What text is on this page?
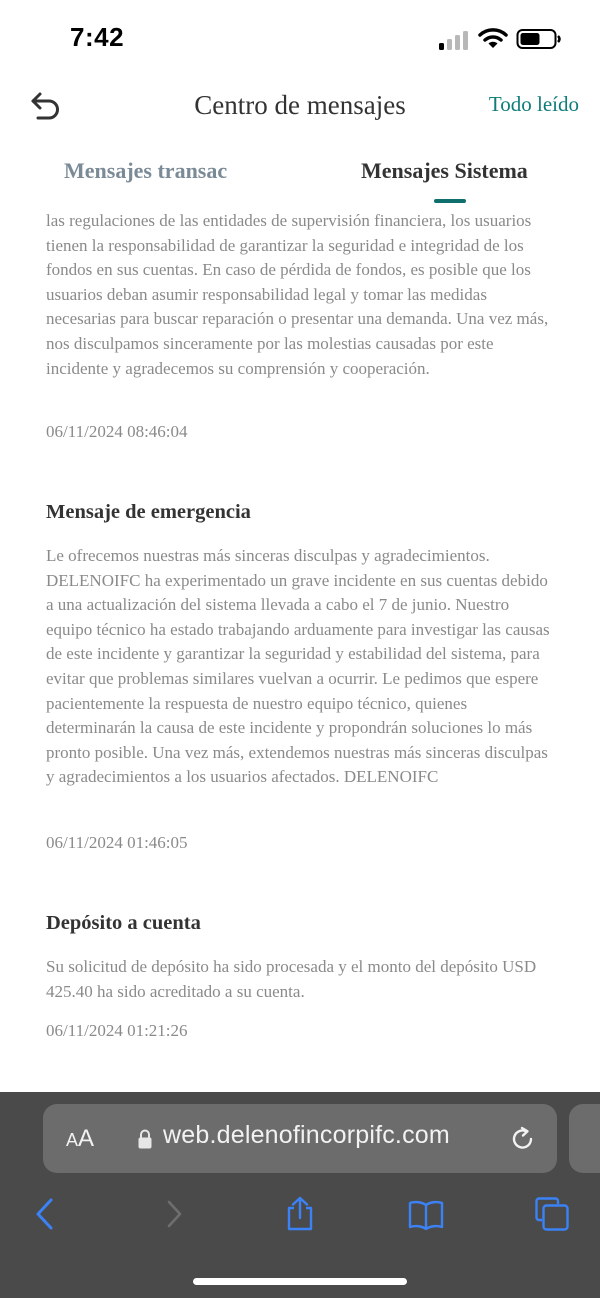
7:42
Centro de mensajes	Todo leído
Mensajes transac	Mensajes Sistema
las regulaciones de las entidades de supervisión financiera, los usuarios tienen la responsabilidad de garantizar la seguridad e integridad de los fondos en sus cuentas. En caso de pérdida de fondos, es posible que los usuarios deban asumir responsabilidad legal y tomar las medidas necesarias para buscar reparación o presentar una demanda. Una vez más, nos disculpamos sinceramente por las molestias causadas por este incidente y agradecemos su comprensión y cooperación.
06/11/2024 08:46:04
Mensaje de emergencia
Le ofrecemos nuestras más sinceras disculpas y agradecimientos. DELENOIFC ha experimentado un grave incidente en sus cuentas debido a una actualización del sistema llevada a cabo el 7 de junio. Nuestro equipo técnico ha estado trabajando arduamente para investigar las causas de este incidente y garantizar la seguridad y estabilidad del sistema, para evitar que problemas similares vuelvan a ocurrir. Le pedimos que espere pacientemente la respuesta de nuestro equipo técnico, quienes determinarán la causa de este incidente y propondrán soluciones lo más pronto posible. Una vez más, extendemos nuestras más sinceras disculpas y agradecimientos a los usuarios afectados. DELENOIFC
06/11/2024 01:46:05
Depósito a cuenta
Su solicitud de depósito ha sido procesada y el monto del depósito USD 425.40 ha sido acreditado a su cuenta.
06/11/2024 01:21:26
AA	web.delenofincorpifc.com
